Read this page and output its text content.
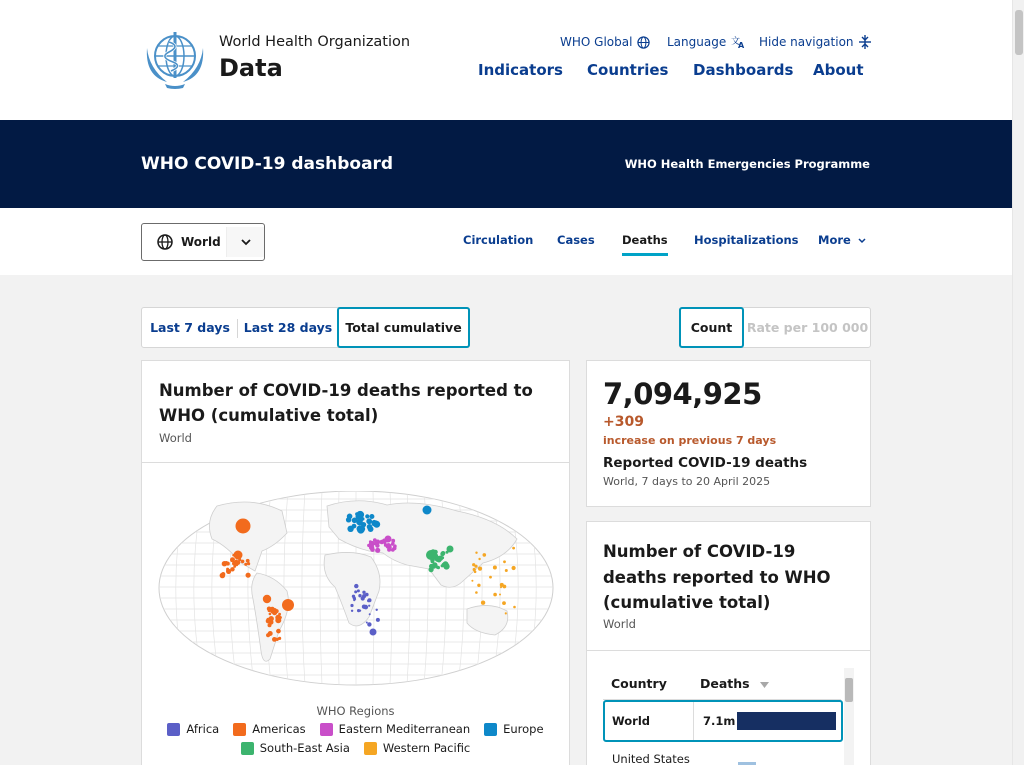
World Health Organization
Data
WHO Global	Language 文
A Hide navigation
Indicators Countries Dashboards About
WHO COVID-19 dashboard	WHO Health Emergencies Programme
World	Circulation Cases Deaths Hospitalizations More
Last 7 days	Last 28 days	Total cumulative	Count	Rate per 100 000
Number of COVID-19 deaths reported to WHO (cumulative total)
World
WHO Regions
Africa	Americas	Eastern Mediterranean	Europe
South-East Asia	Western Pacific
7,094,925
+309
increase on previous 7 days
Reported COVID-19 deaths
World, 7 days to 20 April 2025
Number of COVID-19 deaths reported to WHO (cumulative total)
World
Country	Deaths
World	7.1m
United States
